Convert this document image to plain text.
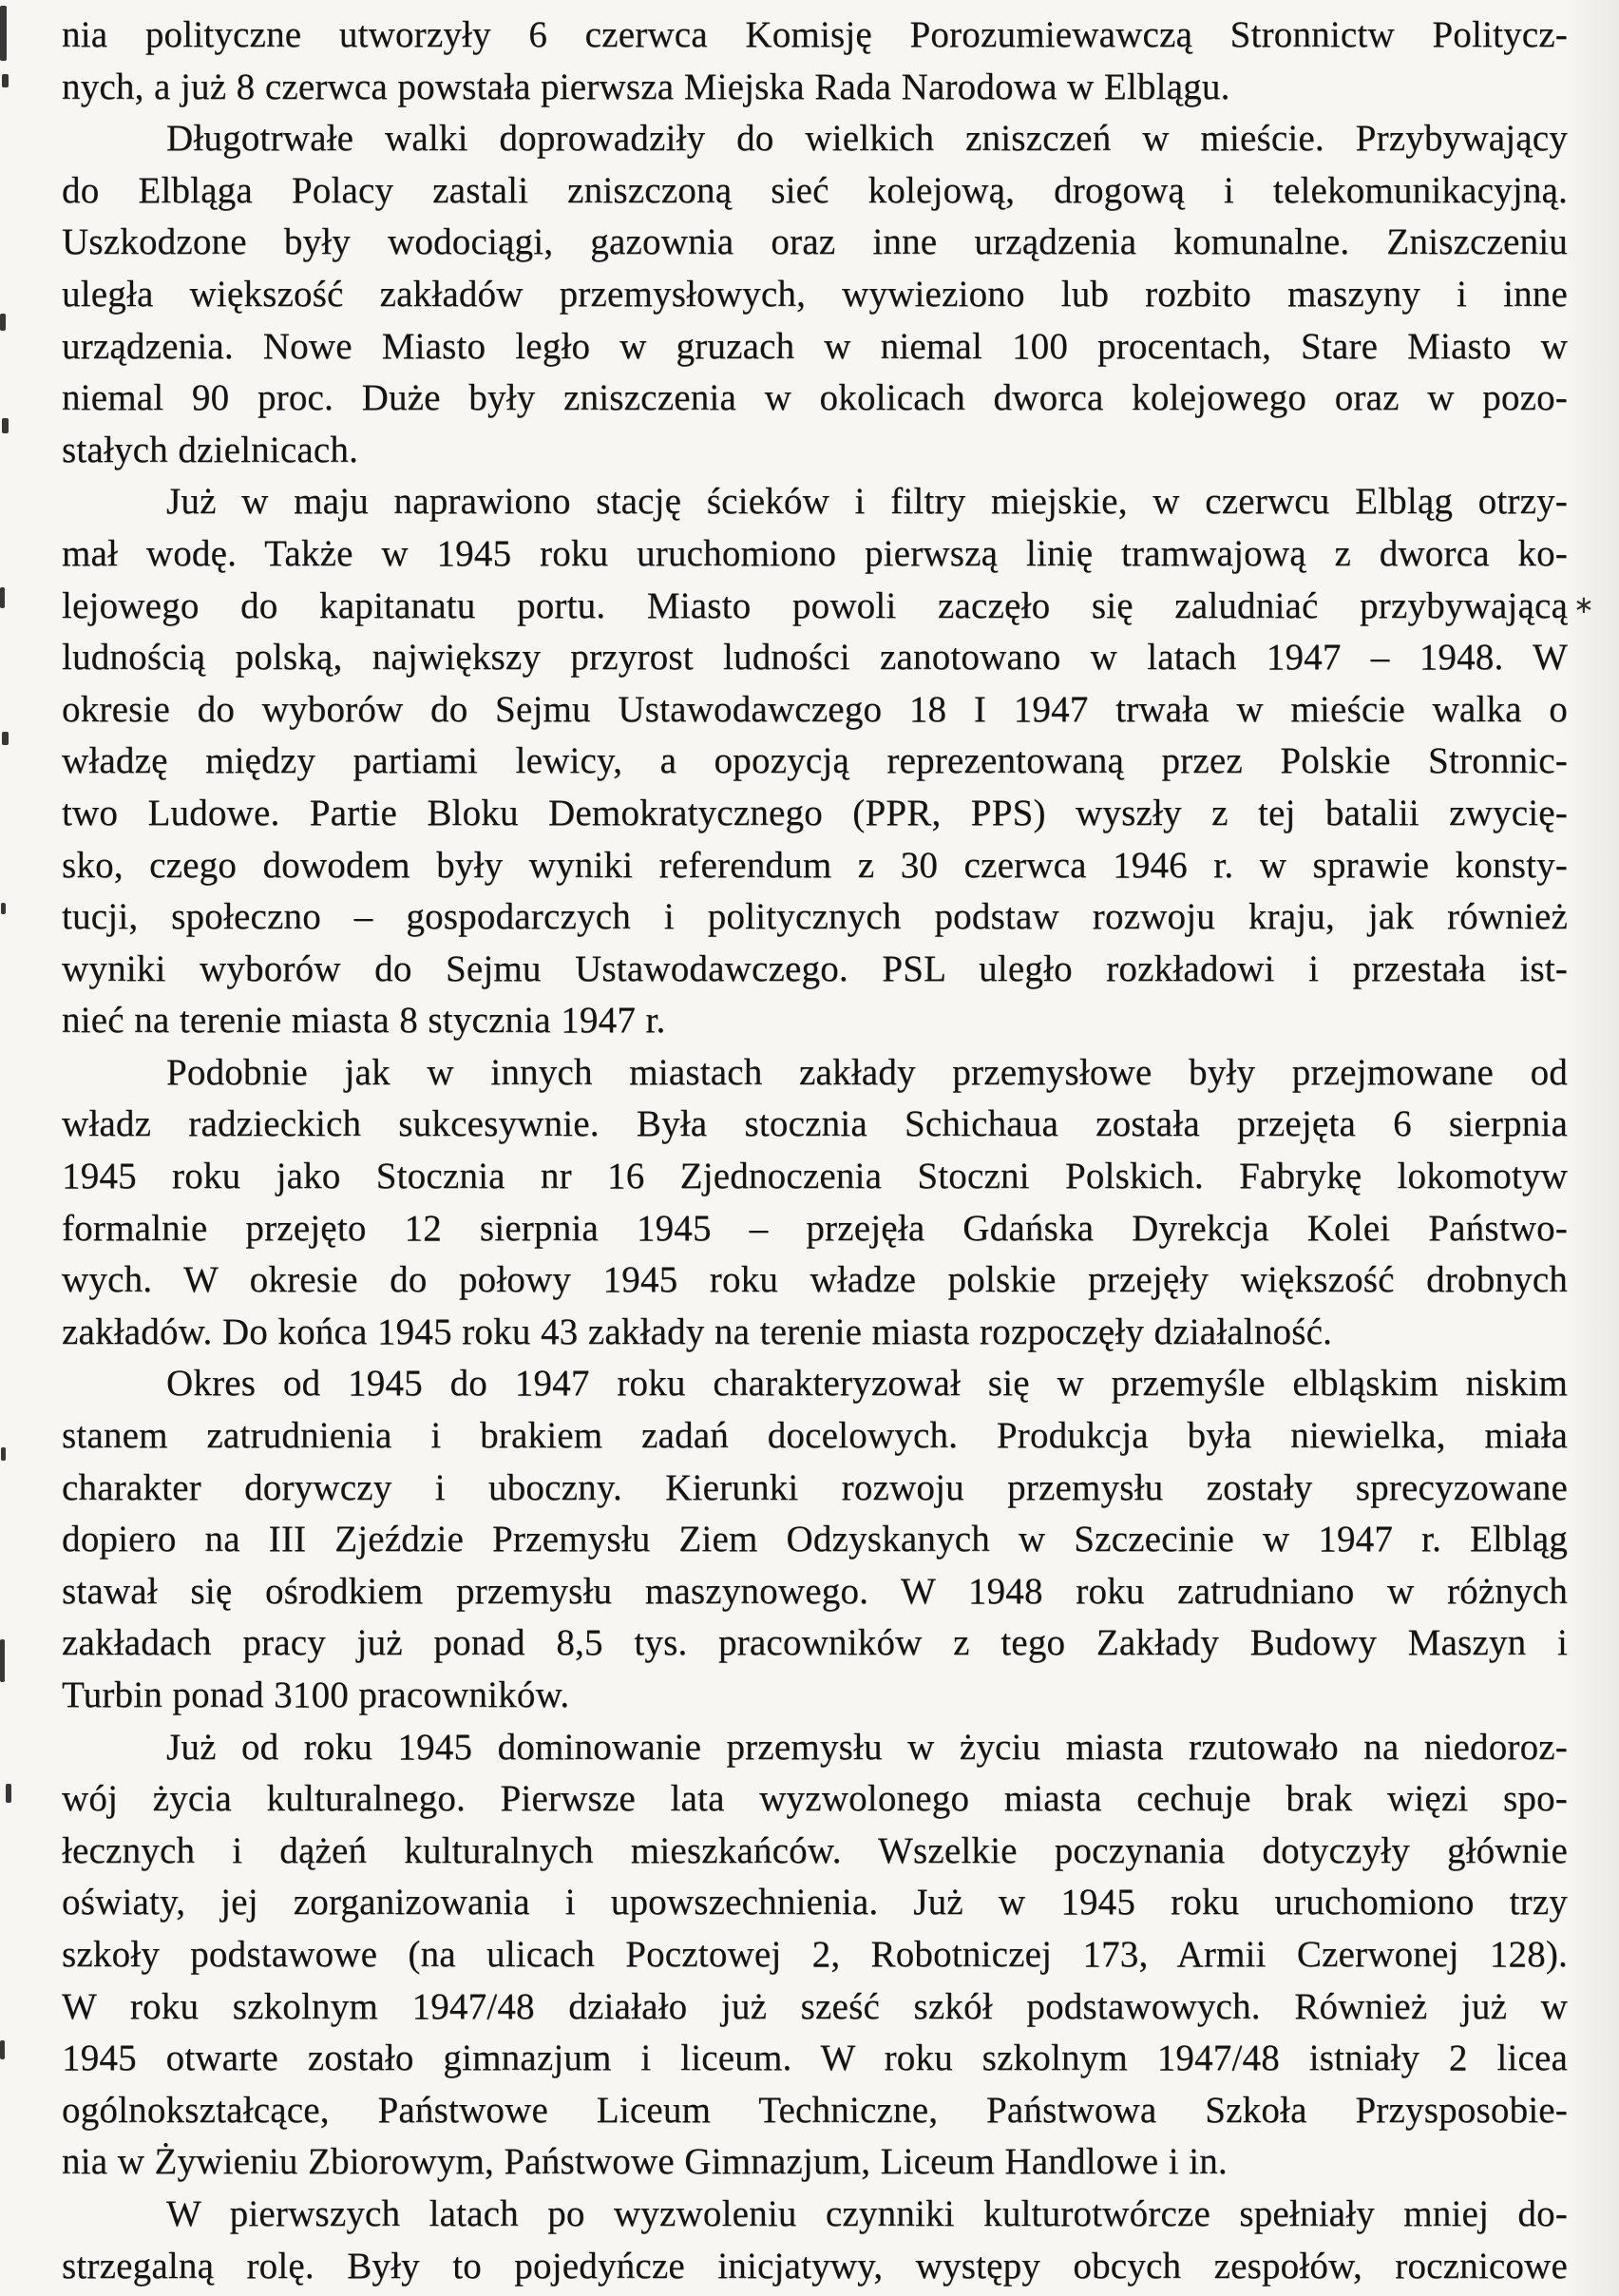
nia polityczne utworzyły 6 czerwca Komisję Porozumiewawczą Stronnictw Politycz-
nych, a już 8 czerwca powstała pierwsza Miejska Rada Narodowa w Elblągu.
Długotrwałe walki doprowadziły do wielkich zniszczeń w mieście. Przybywający
do Elbląga Polacy zastali zniszczoną sieć kolejową, drogową i telekomunikacyjną.
Uszkodzone były wodociągi, gazownia oraz inne urządzenia komunalne. Zniszczeniu
uległa większość zakładów przemysłowych, wywieziono lub rozbito maszyny i inne
urządzenia. Nowe Miasto legło w gruzach w niemal 100 procentach, Stare Miasto w
niemal 90 proc. Duże były zniszczenia w okolicach dworca kolejowego oraz w pozo-
stałych dzielnicach.
Już w maju naprawiono stację ścieków i filtry miejskie, w czerwcu Elbląg otrzy-
mał wodę. Także w 1945 roku uruchomiono pierwszą linię tramwajową z dworca ko-
lejowego do kapitanatu portu. Miasto powoli zaczęło się zaludniać przybywającą
ludnością polską, największy przyrost ludności zanotowano w latach 1947 – 1948. W
okresie do wyborów do Sejmu Ustawodawczego 18 I 1947 trwała w mieście walka o
władzę między partiami lewicy, a opozycją reprezentowaną przez Polskie Stronnic-
two Ludowe. Partie Bloku Demokratycznego (PPR, PPS) wyszły z tej batalii zwycię-
sko, czego dowodem były wyniki referendum z 30 czerwca 1946 r. w sprawie konsty-
tucji, społeczno – gospodarczych i politycznych podstaw rozwoju kraju, jak również
wyniki wyborów do Sejmu Ustawodawczego. PSL uległo rozkładowi i przestała ist-
nieć na terenie miasta 8 stycznia 1947 r.
Podobnie jak w innych miastach zakłady przemysłowe były przejmowane od
władz radzieckich sukcesywnie. Była stocznia Schichaua została przejęta 6 sierpnia
1945 roku jako Stocznia nr 16 Zjednoczenia Stoczni Polskich. Fabrykę lokomotyw
formalnie przejęto 12 sierpnia 1945 – przejęła Gdańska Dyrekcja Kolei Państwo-
wych. W okresie do połowy 1945 roku władze polskie przejęły większość drobnych
zakładów. Do końca 1945 roku 43 zakłady na terenie miasta rozpoczęły działalność.
Okres od 1945 do 1947 roku charakteryzował się w przemyśle elbląskim niskim
stanem zatrudnienia i brakiem zadań docelowych. Produkcja była niewielka, miała
charakter dorywczy i uboczny. Kierunki rozwoju przemysłu zostały sprecyzowane
dopiero na III Zjeździe Przemysłu Ziem Odzyskanych w Szczecinie w 1947 r. Elbląg
stawał się ośrodkiem przemysłu maszynowego. W 1948 roku zatrudniano w różnych
zakładach pracy już ponad 8,5 tys. pracowników z tego Zakłady Budowy Maszyn i
Turbin ponad 3100 pracowników.
Już od roku 1945 dominowanie przemysłu w życiu miasta rzutowało na niedoroz-
wój życia kulturalnego. Pierwsze lata wyzwolonego miasta cechuje brak więzi spo-
łecznych i dążeń kulturalnych mieszkańców. Wszelkie poczynania dotyczyły głównie
oświaty, jej zorganizowania i upowszechnienia. Już w 1945 roku uruchomiono trzy
szkoły podstawowe (na ulicach Pocztowej 2, Robotniczej 173, Armii Czerwonej 128).
W roku szkolnym 1947/48 działało już sześć szkół podstawowych. Również już w
1945 otwarte zostało gimnazjum i liceum. W roku szkolnym 1947/48 istniały 2 licea
ogólnokształcące, Państwowe Liceum Techniczne, Państwowa Szkoła Przysposobie-
nia w Żywieniu Zbiorowym, Państwowe Gimnazjum, Liceum Handlowe i in.
W pierwszych latach po wyzwoleniu czynniki kulturotwórcze spełniały mniej do-
strzegalną rolę. Były to pojedyńcze inicjatywy, występy obcych zespołów, rocznicowe
∗
